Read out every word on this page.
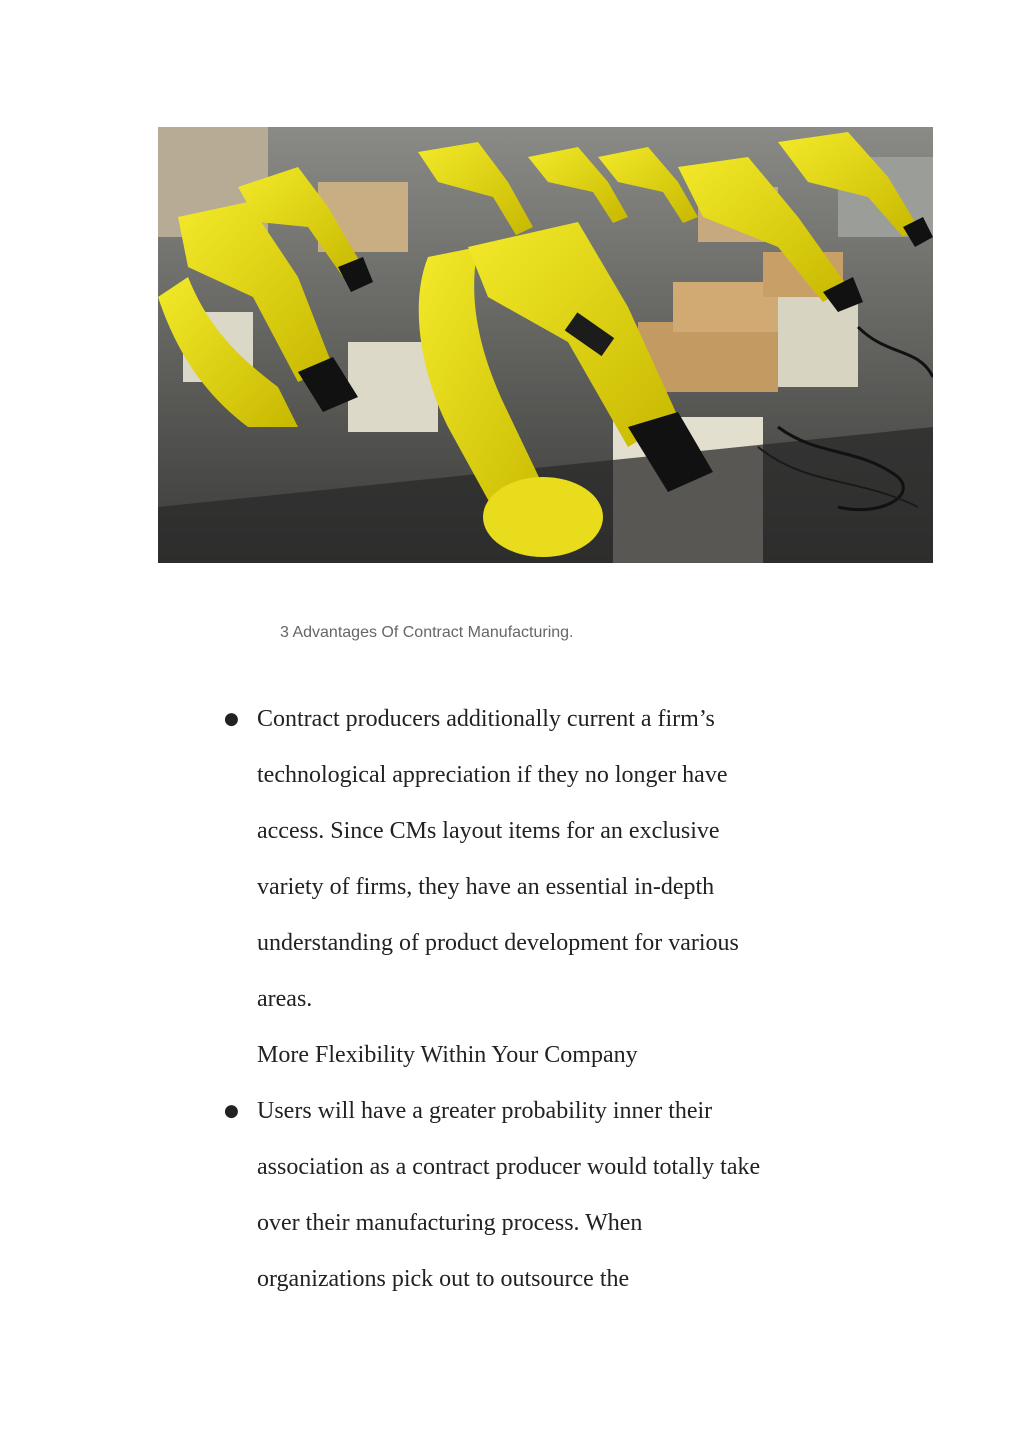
3 Advantages Of Contract Manufacturing.
● Contract producers additionally current a firm’s
technological appreciation if they no longer have
access. Since CMs layout items for an exclusive
variety of firms, they have an essential in-depth
understanding of product development for various
areas.
More Flexibility Within Your Company
● Users will have a greater probability inner their
association as a contract producer would totally take
over their manufacturing process. When
organizations pick out to outsource the
